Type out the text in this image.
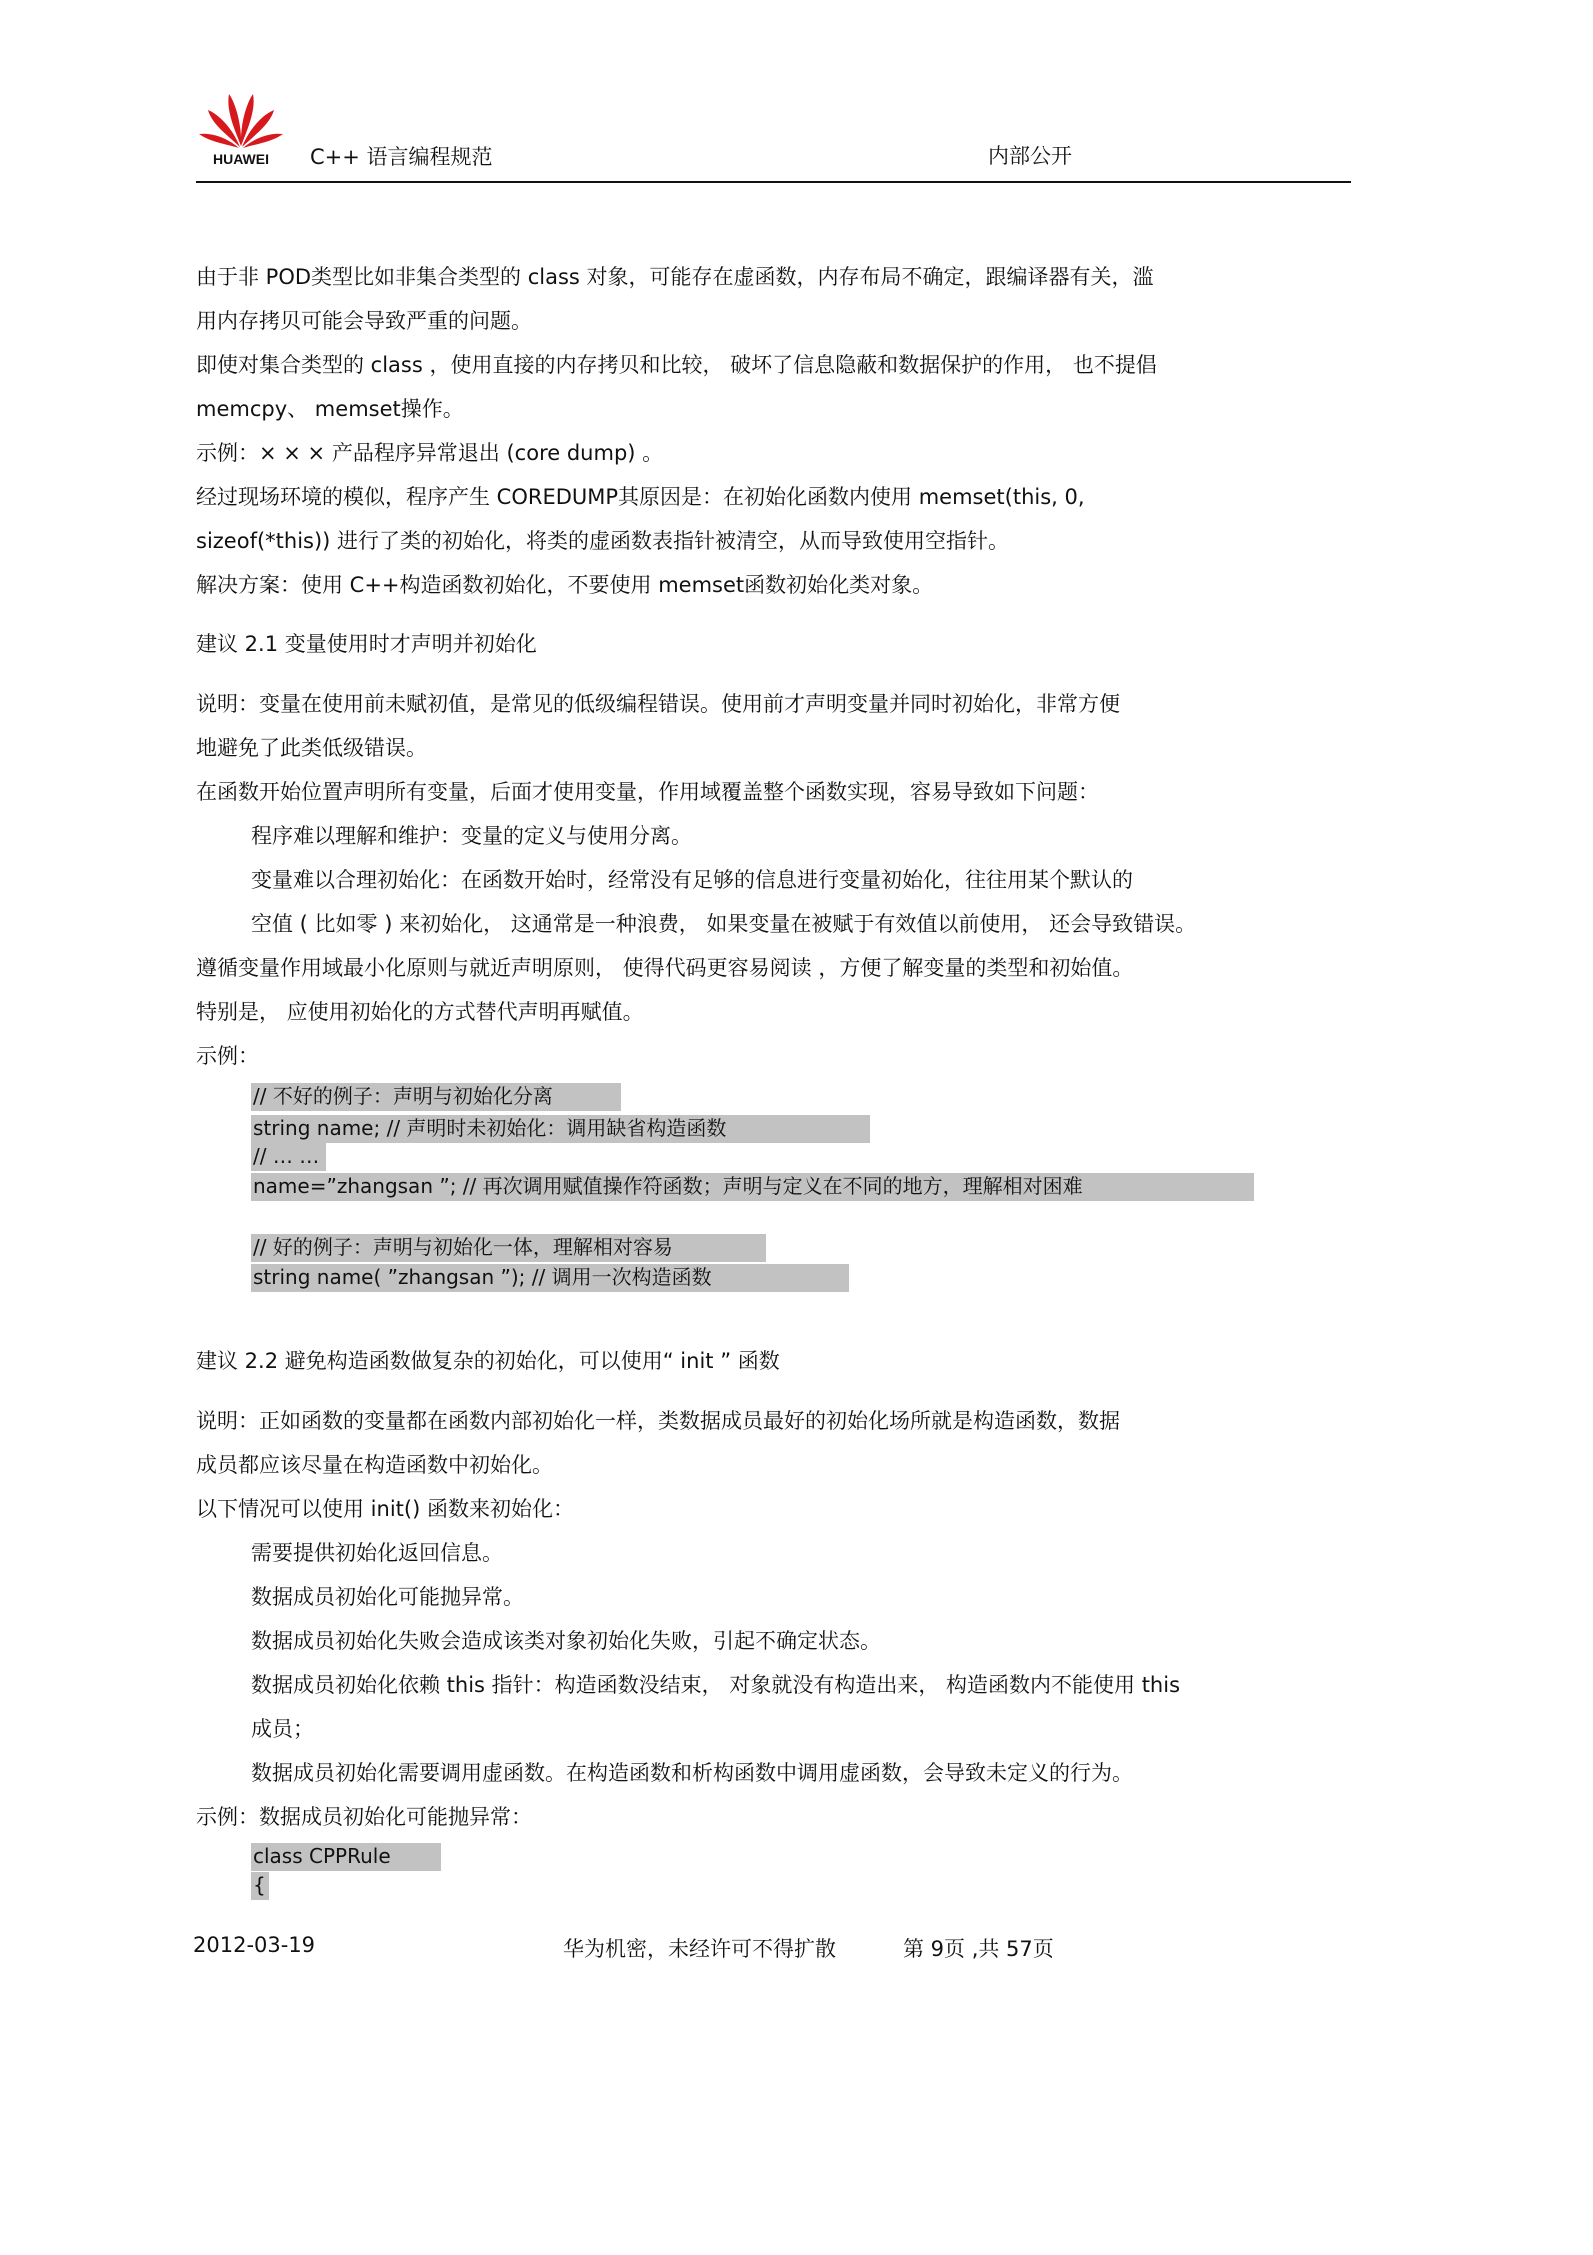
HUAWEI C++ 语言编程规范	内部公开
由于非 POD类型比如非集合类型的 class 对象，可能存在虚函数，内存布局不确定，跟编译器有关，滥
用内存拷贝可能会导致严重的问题。
即使对集合类型的 class ，使用直接的内存拷贝和比较， 破坏了信息隐蔽和数据保护的作用， 也不提倡
memcpy、 memset操作。
示例：× × × 产品程序异常退出 (core dump) 。
经过现场环境的模似，程序产生 COREDUMP其原因是：在初始化函数内使用 memset(this, 0,
sizeof(*this)) 进行了类的初始化，将类的虚函数表指针被清空，从而导致使用空指针。
解决方案：使用 C++构造函数初始化，不要使用 memset函数初始化类对象。
建议 2.1 变量使用时才声明并初始化
说明：变量在使用前未赋初值，是常见的低级编程错误。使用前才声明变量并同时初始化，非常方便
地避免了此类低级错误。
在函数开始位置声明所有变量，后面才使用变量，作用域覆盖整个函数实现，容易导致如下问题：
程序难以理解和维护：变量的定义与使用分离。
变量难以合理初始化：在函数开始时，经常没有足够的信息进行变量初始化，往往用某个默认的
空值 ( 比如零 ) 来初始化， 这通常是一种浪费， 如果变量在被赋于有效值以前使用， 还会导致错误。
遵循变量作用域最小化原则与就近声明原则， 使得代码更容易阅读 ，方便了解变量的类型和初始值。
特别是， 应使用初始化的方式替代声明再赋值。
示例：
// 不好的例子：声明与初始化分离
string name; // 声明时未初始化：调用缺省构造函数
// … …
name=”zhangsan ”; // 再次调用赋值操作符函数；声明与定义在不同的地方，理解相对困难
// 好的例子：声明与初始化一体，理解相对容易
string name( ”zhangsan ”); // 调用一次构造函数
建议 2.2 避免构造函数做复杂的初始化，可以使用“ init ” 函数
说明：正如函数的变量都在函数内部初始化一样，类数据成员最好的初始化场所就是构造函数，数据
成员都应该尽量在构造函数中初始化。
以下情况可以使用 init() 函数来初始化：
需要提供初始化返回信息。
数据成员初始化可能抛异常。
数据成员初始化失败会造成该类对象初始化失败，引起不确定状态。
数据成员初始化依赖 this 指针：构造函数没结束， 对象就没有构造出来， 构造函数内不能使用 this
成员；
数据成员初始化需要调用虚函数。在构造函数和析构函数中调用虚函数，会导致未定义的行为。
示例：数据成员初始化可能抛异常：
class CPPRule
{
2012-03-19	华为机密，未经许可不得扩散	第 9页 ,共 57页
